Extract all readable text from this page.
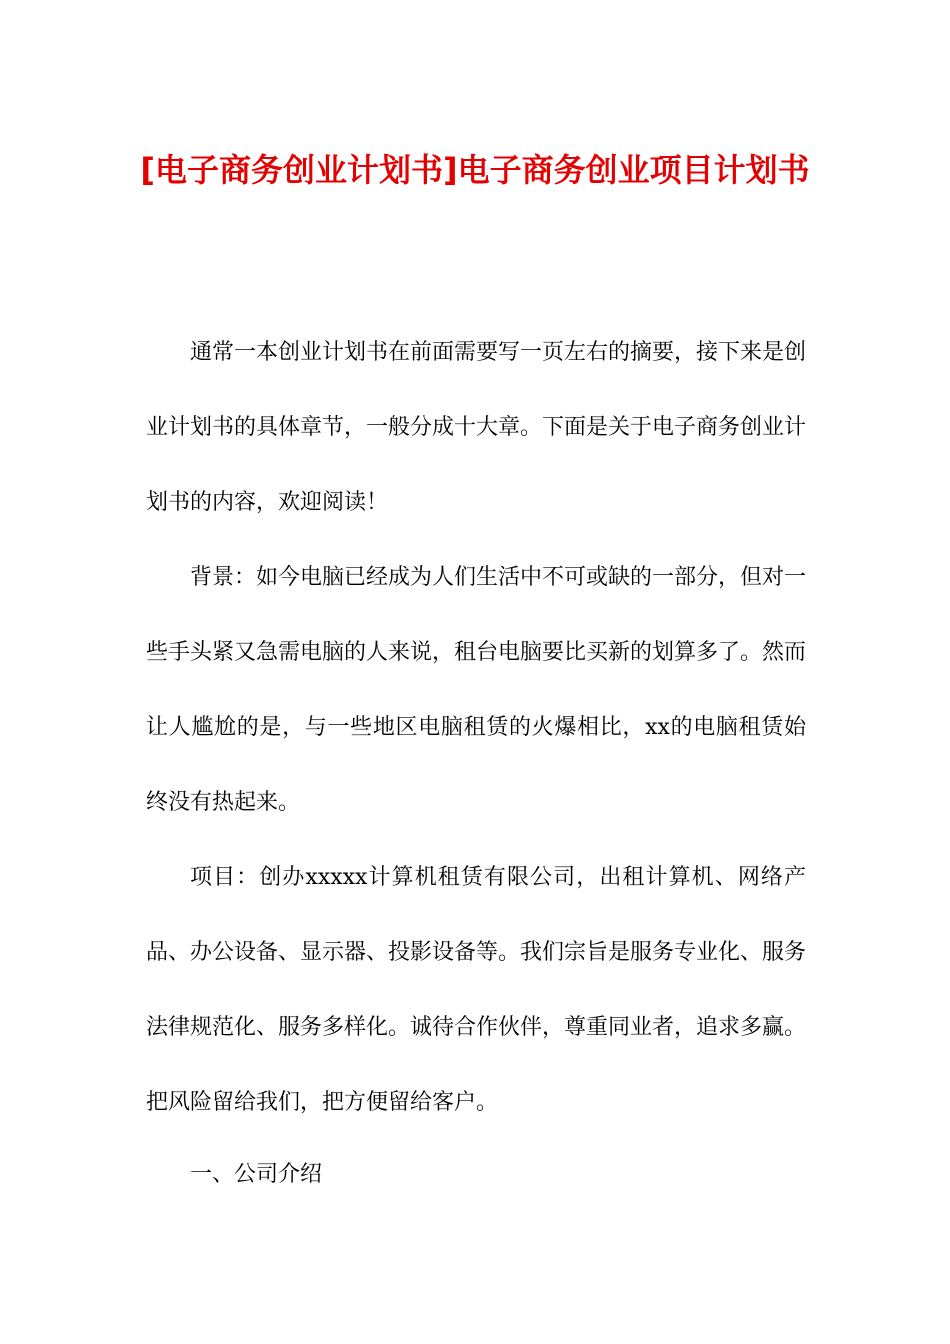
[电子商务创业计划书]电子商务创业项目计划书

通常一本创业计划书在前面需要写一页左右的摘要，接下来是创业计划书的具体章节，一般分成十大章。下面是关于电子商务创业计划书的内容，欢迎阅读！

背景：如今电脑已经成为人们生活中不可或缺的一部分，但对一些手头紧又急需电脑的人来说，租台电脑要比买新的划算多了。然而让人尴尬的是，与一些地区电脑租赁的火爆相比，xx的电脑租赁始终没有热起来。

项目：创办xxxxx计算机租赁有限公司，出租计算机、网络产品、办公设备、显示器、投影设备等。我们宗旨是服务专业化、服务法律规范化、服务多样化。诚待合作伙伴，尊重同业者，追求多赢。把风险留给我们，把方便留给客户。

一、公司介绍
